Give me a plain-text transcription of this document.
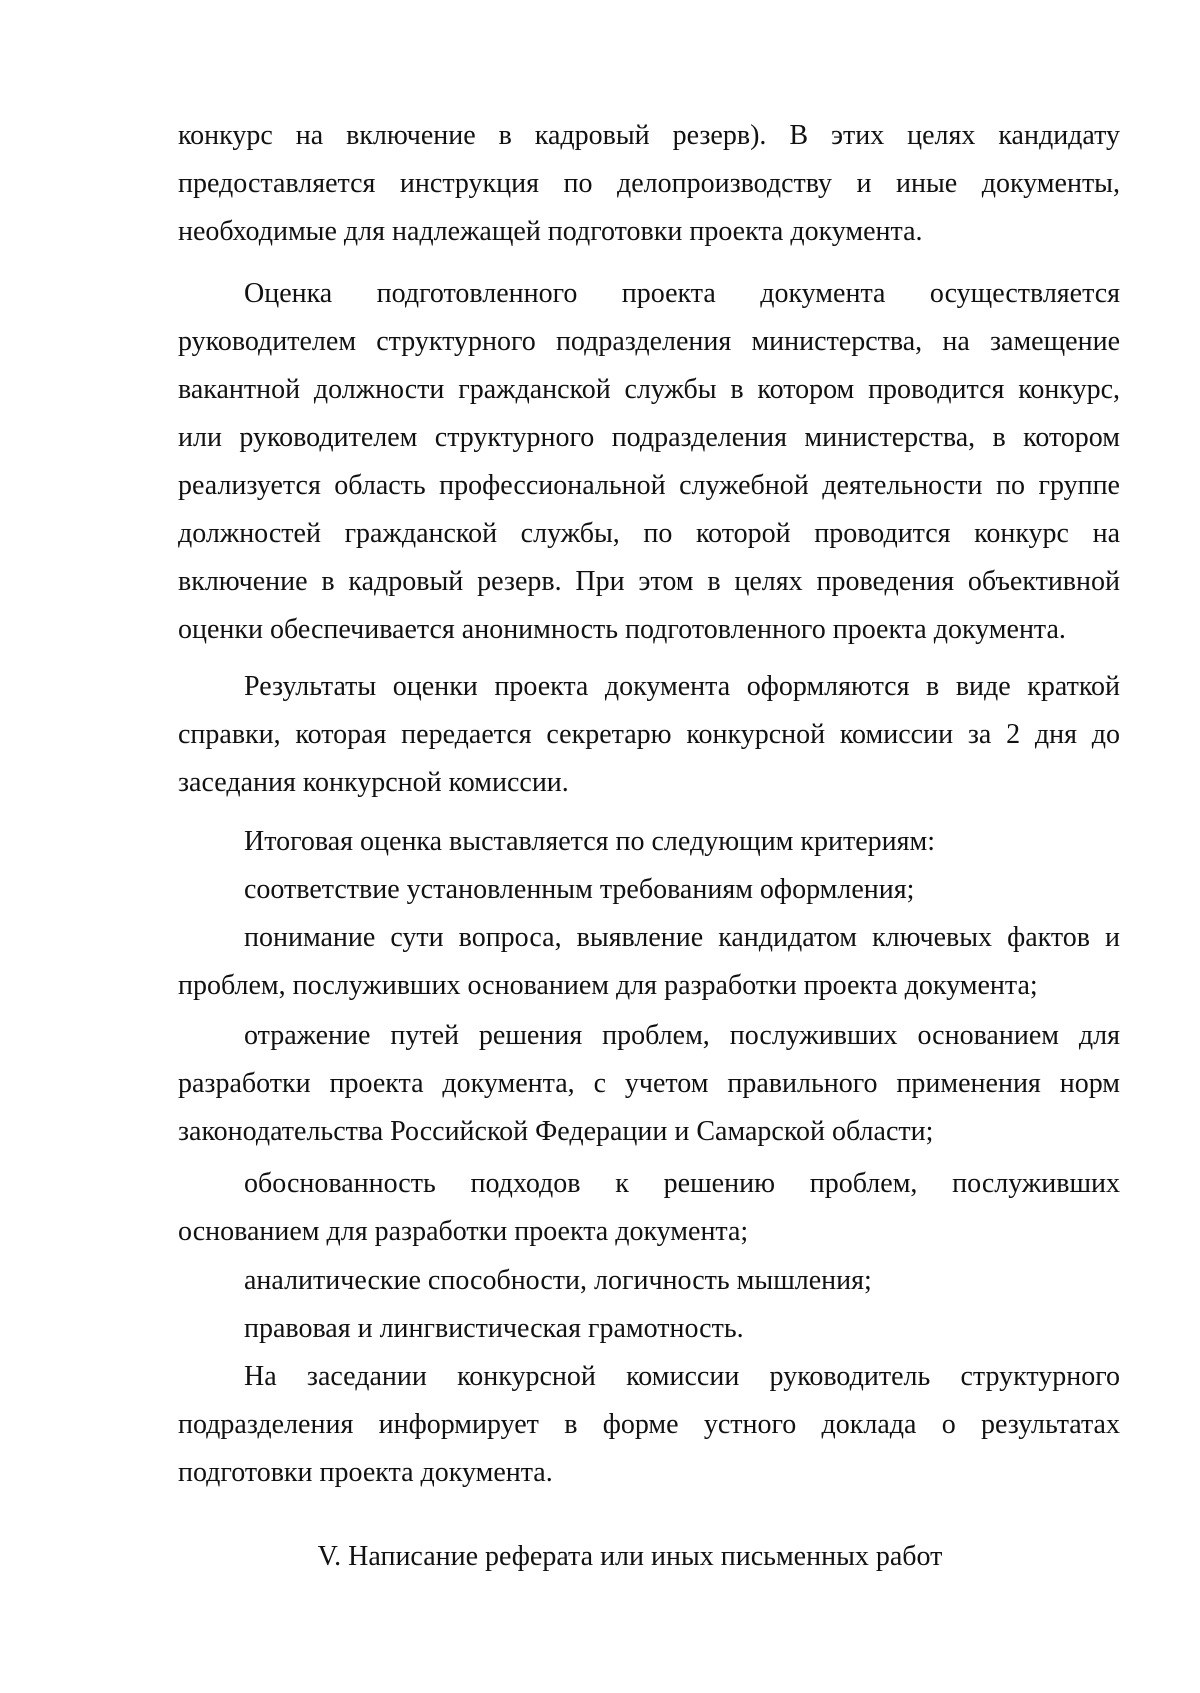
конкурс на включение в кадровый резерв). В этих целях кандидату
предоставляется инструкция по делопроизводству и иные документы,
необходимые для надлежащей подготовки проекта документа.
Оценка подготовленного проекта документа осуществляется
руководителем структурного подразделения министерства, на замещение
вакантной должности гражданской службы в котором проводится конкурс,
или руководителем структурного подразделения министерства, в котором
реализуется область профессиональной служебной деятельности по группе
должностей гражданской службы, по которой проводится конкурс на
включение в кадровый резерв. При этом в целях проведения объективной
оценки обеспечивается анонимность подготовленного проекта документа.
Результаты оценки проекта документа оформляются в виде краткой
справки, которая передается секретарю конкурсной комиссии за 2 дня до
заседания конкурсной комиссии.
Итоговая оценка выставляется по следующим критериям:
соответствие установленным требованиям оформления;
понимание сути вопроса, выявление кандидатом ключевых фактов и
проблем, послуживших основанием для разработки проекта документа;
отражение путей решения проблем, послуживших основанием для
разработки проекта документа, с учетом правильного применения норм
законодательства Российской Федерации и Самарской области;
обоснованность подходов к решению проблем, послуживших
основанием для разработки проекта документа;
аналитические способности, логичность мышления;
правовая и лингвистическая грамотность.
На заседании конкурсной комиссии руководитель структурного
подразделения информирует в форме устного доклада о результатах
подготовки проекта документа.
V. Написание реферата или иных письменных работ
